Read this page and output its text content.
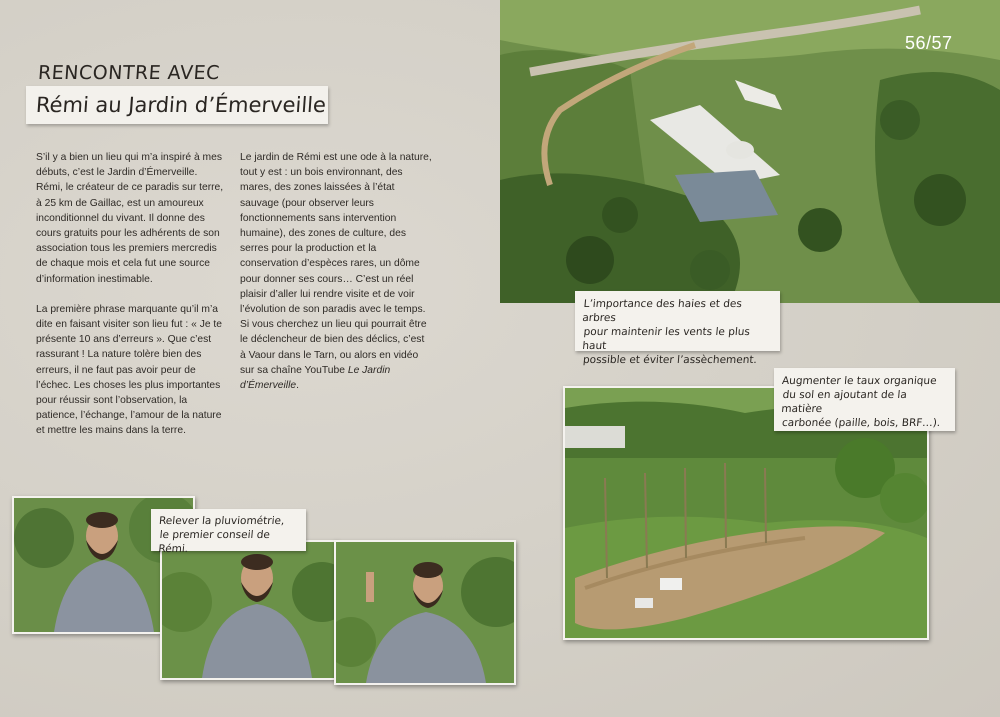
RENCONTRE AVEC
Rémi au Jardin d’Émerveille

S’il y a bien un lieu qui m’a inspiré à mes débuts, c’est le Jardin d’Émerveille. Rémi, le créateur de ce paradis sur terre, à 25 km de Gaillac, est un amoureux inconditionnel du vivant. Il donne des cours gratuits pour les adhérents de son association tous les premiers mercredis de chaque mois et cela fut une source d’information inestimable.

La première phrase marquante qu’il m’a dite en faisant visiter son lieu fut : « Je te présente 10 ans d’erreurs ». Que c’est rassurant ! La nature tolère bien des erreurs, il ne faut pas avoir peur de l’échec. Les choses les plus importantes pour réussir sont l’observation, la patience, l’échange, l’amour de la nature et mettre les mains dans la terre.

Le jardin de Rémi est une ode à la nature, tout y est : un bois environnant, des mares, des zones laissées à l’état sauvage (pour observer leurs fonctionnements sans intervention humaine), des zones de culture, des serres pour la production et la conservation d’espèces rares, un dôme pour donner ses cours… C’est un réel plaisir d’aller lui rendre visite et de voir l’évolution de son paradis avec le temps. Si vous cherchez un lieu qui pourrait être le déclencheur de bien des déclics, c’est à Vaour dans le Tarn, ou alors en vidéo sur sa chaîne YouTube Le Jardin d’Émerveille.

56/57
L’importance des haies et des arbres
pour maintenir les vents le plus haut
possible et éviter l’assèchement.
Augmenter le taux organique
du sol en ajoutant de la matière
carbonée (paille, bois, BRF…).
Relever la pluviométrie,
le premier conseil de Rémi.
